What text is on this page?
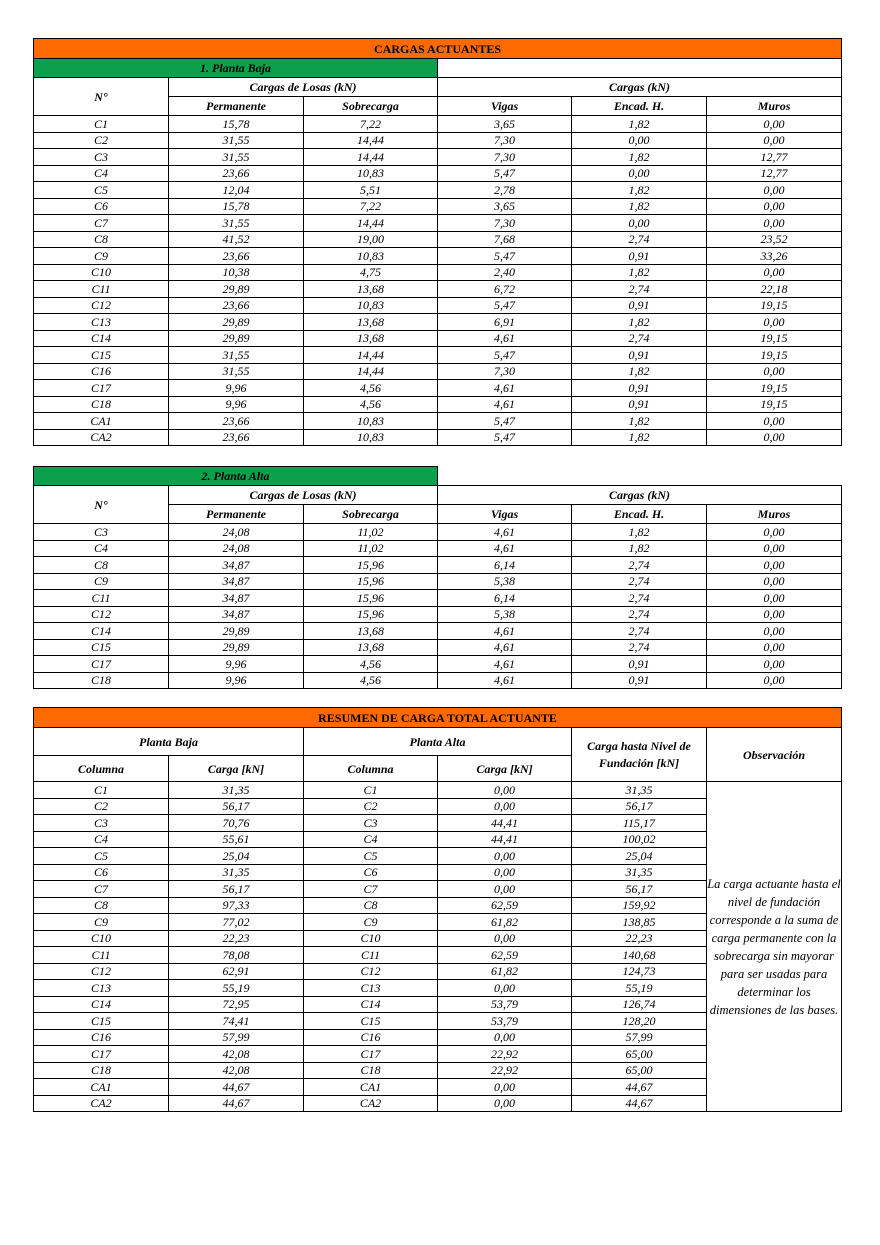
CARGAS ACTUANTES					
1. Planta Baja					
N°	Cargas de Losas (kN)		Cargas (kN)		
	Permanente	Sobrecarga	Vigas	Encad. H.	Muros
C1	15,78	7,22	3,65	1,82	0,00
C2	31,55	14,44	7,30	0,00	0,00
C3	31,55	14,44	7,30	1,82	12,77
C4	23,66	10,83	5,47	0,00	12,77
C5	12,04	5,51	2,78	1,82	0,00
C6	15,78	7,22	3,65	1,82	0,00
C7	31,55	14,44	7,30	0,00	0,00
C8	41,52	19,00	7,68	2,74	23,52
C9	23,66	10,83	5,47	0,91	33,26
C10	10,38	4,75	2,40	1,82	0,00
C11	29,89	13,68	6,72	2,74	22,18
C12	23,66	10,83	5,47	0,91	19,15
C13	29,89	13,68	6,91	1,82	0,00
C14	29,89	13,68	4,61	2,74	19,15
C15	31,55	14,44	5,47	0,91	19,15
C16	31,55	14,44	7,30	1,82	0,00
C17	9,96	4,56	4,61	0,91	19,15
C18	9,96	4,56	4,61	0,91	19,15
CA1	23,66	10,83	5,47	1,82	0,00
CA2	23,66	10,83	5,47	1,82	0,00
2. Planta Alta					
N°	Cargas de Losas (kN)		Cargas (kN)		
	Permanente	Sobrecarga	Vigas	Encad. H.	Muros
C3	24,08	11,02	4,61	1,82	0,00
C4	24,08	11,02	4,61	1,82	0,00
C8	34,87	15,96	6,14	2,74	0,00
C9	34,87	15,96	5,38	2,74	0,00
C11	34,87	15,96	6,14	2,74	0,00
C12	34,87	15,96	5,38	2,74	0,00
C14	29,89	13,68	4,61	2,74	0,00
C15	29,89	13,68	4,61	2,74	0,00
C17	9,96	4,56	4,61	0,91	0,00
C18	9,96	4,56	4,61	0,91	0,00
RESUMEN DE CARGA TOTAL ACTUANTE					
Planta Baja		Planta Alta		Carga hasta Nivel de Fundación [kN]	Observación
Columna	Carga [kN]	Columna	Carga [kN]		
C1	31,35	C1	0,00	31,35	La carga actuante hasta el nivel de fundación corresponde a la suma de carga permanente con la sobrecarga sin mayorar para ser usadas para determinar los dimensiones de las bases.
C2	56,17	C2	0,00	56,17	
C3	70,76	C3	44,41	115,17	
C4	55,61	C4	44,41	100,02	
C5	25,04	C5	0,00	25,04	
C6	31,35	C6	0,00	31,35	
C7	56,17	C7	0,00	56,17	
C8	97,33	C8	62,59	159,92	
C9	77,02	C9	61,82	138,85	
C10	22,23	C10	0,00	22,23	
C11	78,08	C11	62,59	140,68	
C12	62,91	C12	61,82	124,73	
C13	55,19	C13	0,00	55,19	
C14	72,95	C14	53,79	126,74	
C15	74,41	C15	53,79	128,20	
C16	57,99	C16	0,00	57,99	
C17	42,08	C17	22,92	65,00	
C18	42,08	C18	22,92	65,00	
CA1	44,67	CA1	0,00	44,67	
CA2	44,67	CA2	0,00	44,67	
